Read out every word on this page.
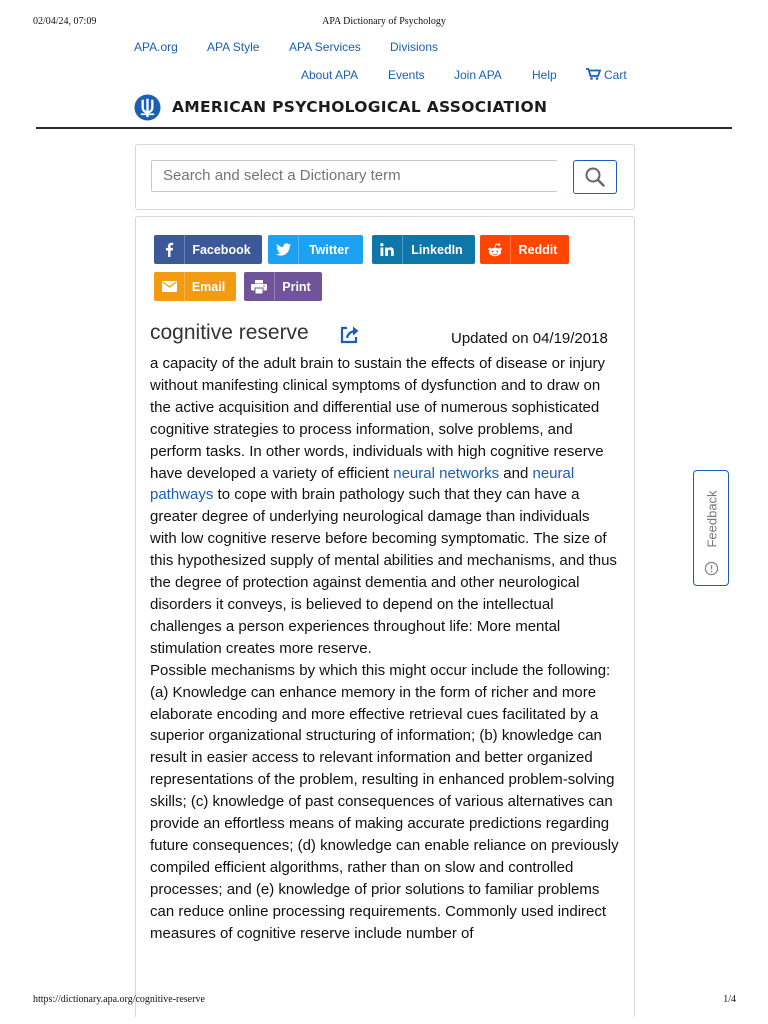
02/04/24, 07:09	APA Dictionary of Psychology
APA.org APA Style APA Services Divisions
About APA Events Join APA	Help	Cart
AMERICAN PSYCHOLOGICAL ASSOCIATION
Search and select a Dictionary term
Facebook	Twitter	LinkedIn	Reddit
Email	Print
cognitive reserve	Updated on 04/19/2018

a capacity of the adult brain to sustain the effects of disease or injury without manifesting clinical symptoms of dysfunction and to draw on the active acquisition and differential use of numerous sophisticated cognitive strategies to process information, solve problems, and perform tasks. In other words, individuals with high cognitive reserve have developed a variety of efficient neural networks and neural pathways to cope with brain pathology such that they can have a greater degree of underlying neurological damage than individuals with low cognitive reserve before becoming symptomatic. The size of this hypothesized supply of mental abilities and mechanisms, and thus the degree of protection against dementia and other neurological disorders it conveys, is believed to depend on the intellectual challenges a person experiences throughout life: More mental stimulation creates more reserve.

Possible mechanisms by which this might occur include the following: (a) Knowledge can enhance memory in the form of richer and more elaborate encoding and more effective retrieval cues facilitated by a superior organizational structuring of information; (b) knowledge can result in easier access to relevant information and better organized representations of the problem, resulting in enhanced problem-solving skills; (c) knowledge of past consequences of various alternatives can provide an effortless means of making accurate predictions regarding future consequences; (d) knowledge can enable reliance on previously compiled efficient algorithms, rather than on slow and controlled processes; and (e) knowledge of prior solutions to familiar problems can reduce online processing requirements. Commonly used indirect measures of cognitive reserve include number of

Feedback
https://dictionary.apa.org/cognitive-reserve	1/4
